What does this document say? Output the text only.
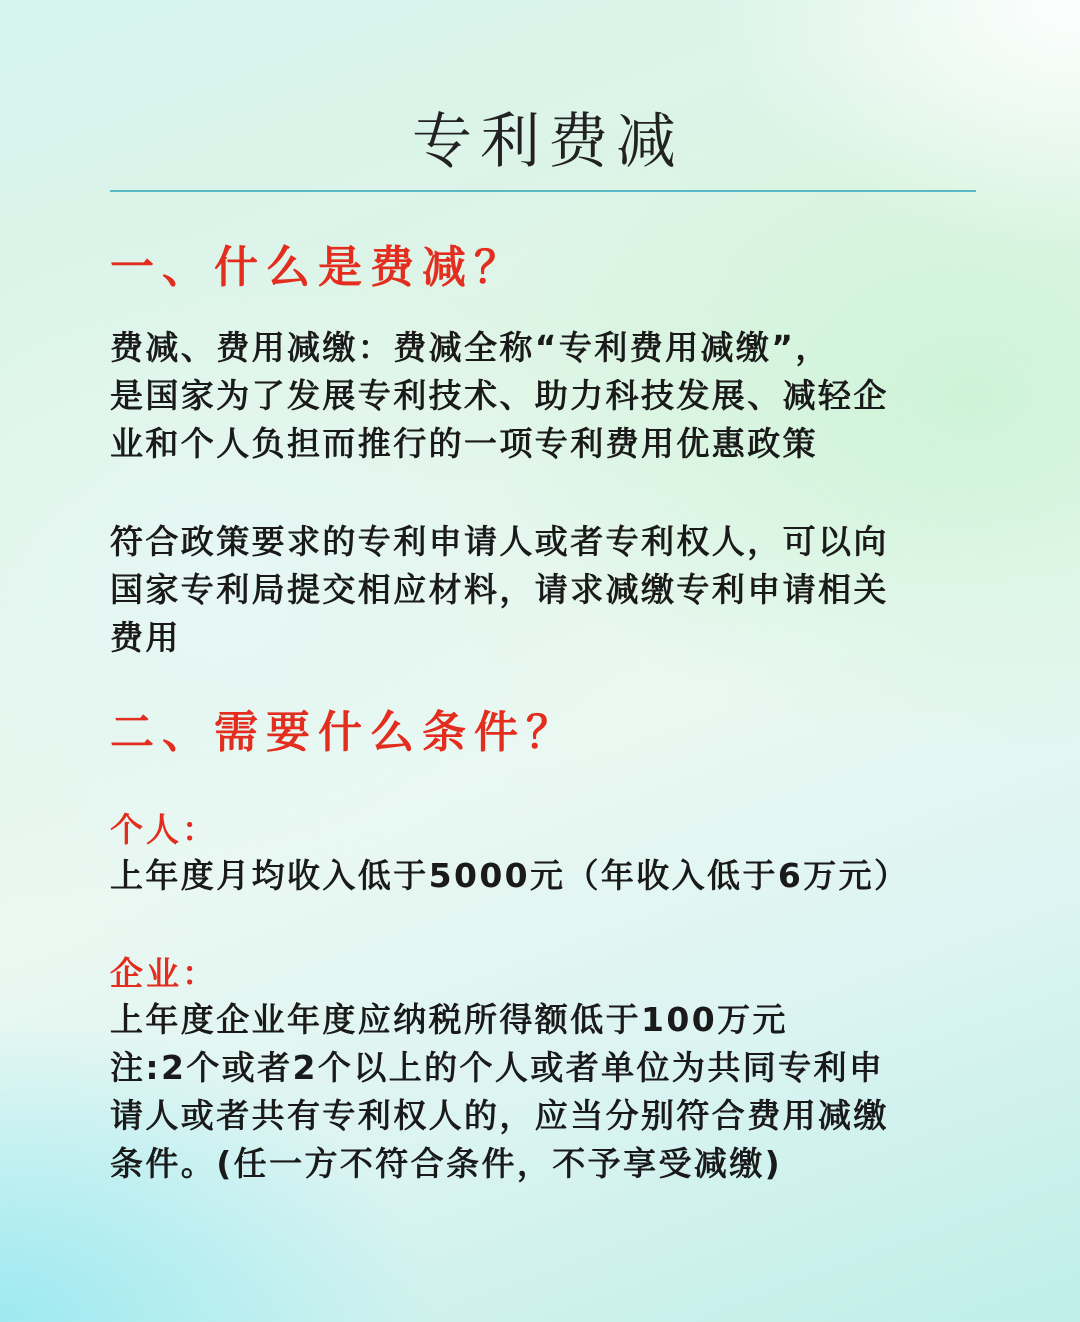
专利费减
一、什么是费减？
费减、费用减缴：费减全称“专利费用减缴”，
是国家为了发展专利技术、助力科技发展、减轻企
业和个人负担而推行的一项专利费用优惠政策
符合政策要求的专利申请人或者专利权人，可以向
国家专利局提交相应材料，请求减缴专利申请相关
费用
二、需要什么条件？
个人：
上年度月均收入低于5000元（年收入低于6万元）
企业：
上年度企业年度应纳税所得额低于100万元
注:2个或者2个以上的个人或者单位为共同专利申
请人或者共有专利权人的，应当分别符合费用减缴
条件。(任一方不符合条件，不予享受减缴)
